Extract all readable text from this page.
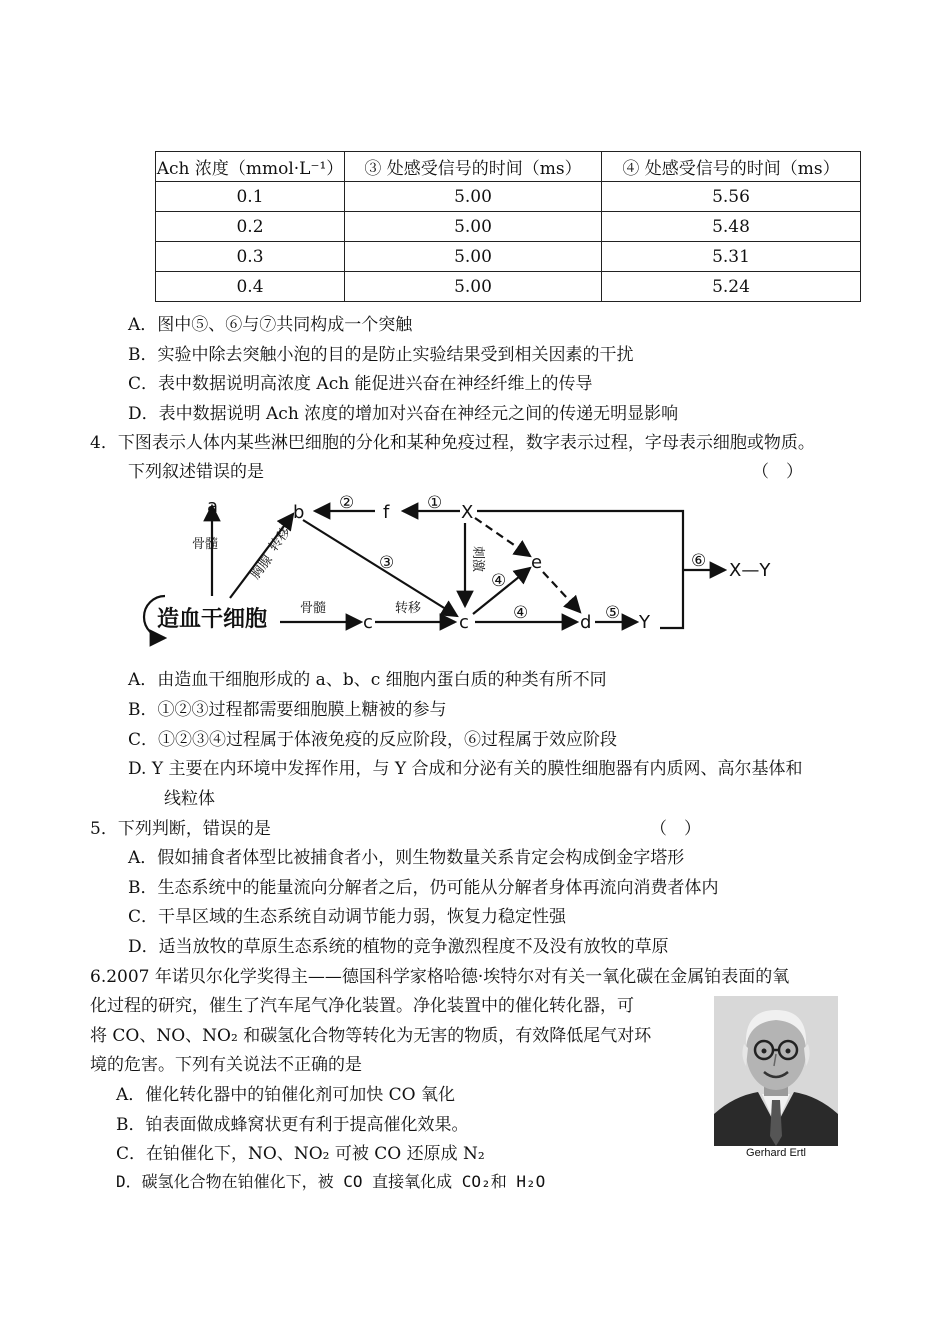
Ach 浓度（mmol·L⁻¹）	③ 处感受信号的时间（ms）	④ 处感受信号的时间（ms）
0.1	5.00	5.56
0.2	5.00	5.48
0.3	5.00	5.31
0.4	5.00	5.24
A．图中⑤、⑥与⑦共同构成一个突触
B．实验中除去突触小泡的目的是防止实验结果受到相关因素的干扰
C．表中数据说明高浓度 Ach 能促进兴奋在神经纤维上的传导
D．表中数据说明 Ach 浓度的增加对兴奋在神经元之间的传递无明显影响
4．下图表示人体内某些淋巴细胞的分化和某种免疫过程，数字表示过程，字母表示细胞或物质。
下列叙述错误的是	（　）
a	b	f	X
e
c	c	d	Y
X—Y
造血干细胞
骨髓
胸腺
转移
骨髓	转移
刺激
①
②
③
④
④	⑤
⑥
A．由造血干细胞形成的 a、b、c 细胞内蛋白质的种类有所不同
B．①②③过程都需要细胞膜上糖被的参与
C．①②③④过程属于体液免疫的反应阶段，⑥过程属于效应阶段
D. Y 主要在内环境中发挥作用，与 Y 合成和分泌有关的膜性细胞器有内质网、高尔基体和
线粒体
5．下列判断，错误的是	（　）
A．假如捕食者体型比被捕食者小，则生物数量关系肯定会构成倒金字塔形
B．生态系统中的能量流向分解者之后，仍可能从分解者身体再流向消费者体内
C．干旱区域的生态系统自动调节能力弱，恢复力稳定性强
D．适当放牧的草原生态系统的植物的竞争激烈程度不及没有放牧的草原
6.2007 年诺贝尔化学奖得主——德国科学家格哈德·埃特尔对有关一氧化碳在金属铂表面的氧
化过程的研究，催生了汽车尾气净化装置。净化装置中的催化转化器，可
将 CO、NO、NO₂ 和碳氢化合物等转化为无害的物质，有效降低尾气对环
境的危害。下列有关说法不正确的是
A．催化转化器中的铂催化剂可加快 CO 氧化
B．铂表面做成蜂窝状更有利于提高催化效果。
C．在铂催化下，NO、NO₂ 可被 CO 还原成 N₂
D．碳氢化合物在铂催化下，被 CO 直接氧化成 CO₂和 H₂O
Gerhard Ertl
